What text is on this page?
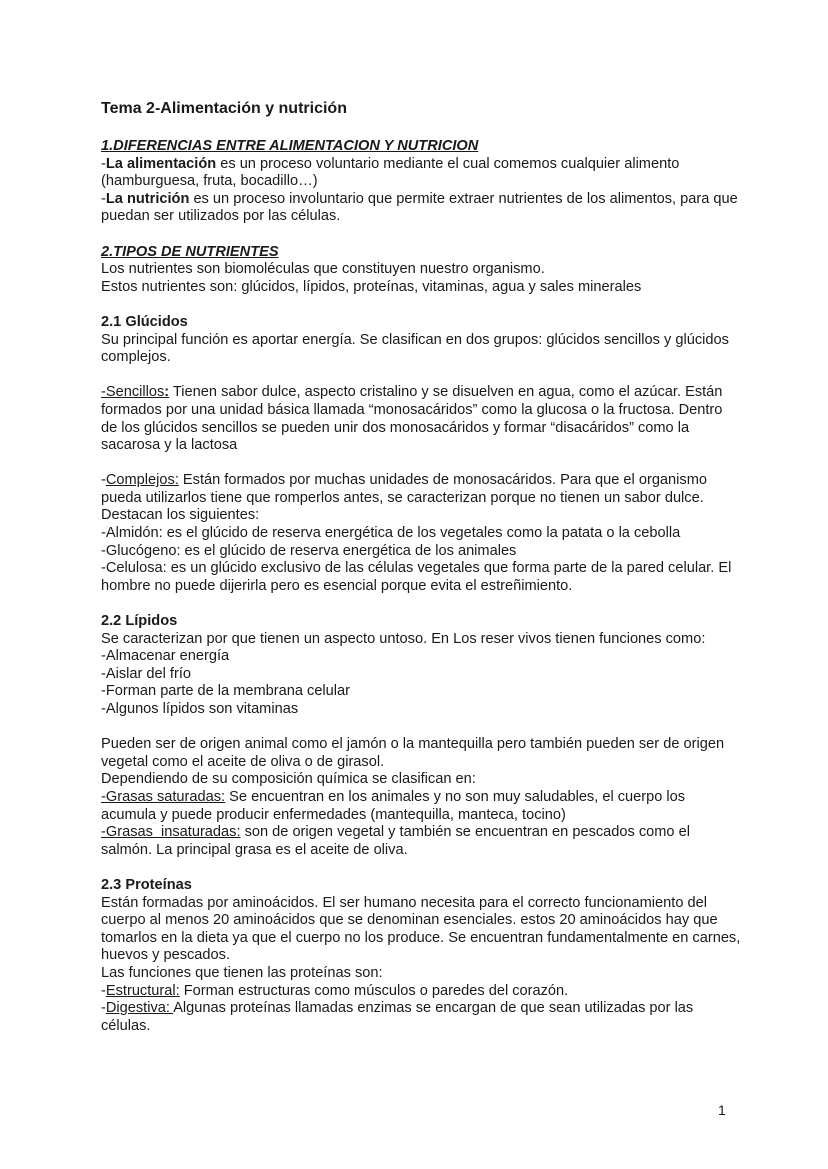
Tema 2-Alimentación y nutrición
1.DIFERENCIAS ENTRE ALIMENTACION Y NUTRICION

-La alimentación es un proceso voluntario mediante el cual comemos cualquier alimento (hamburguesa, fruta, bocadillo…)

-La nutrición es un proceso involuntario que permite extraer nutrientes de los alimentos, para que puedan ser utilizados por las células.

2.TIPOS DE NUTRIENTES

Los nutrientes son biomoléculas que constituyen nuestro organismo.

Estos nutrientes son: glúcidos, lípidos, proteínas, vitaminas, agua y sales minerales

2.1 Glúcidos

Su principal función es aportar energía. Se clasifican en dos grupos: glúcidos sencillos y glúcidos complejos.

-Sencillos: Tienen sabor dulce, aspecto cristalino y se disuelven en agua, como el azúcar. Están formados por una unidad básica llamada “monosacáridos” como la glucosa o la fructosa. Dentro de los glúcidos sencillos se pueden unir dos monosacáridos y formar “disacáridos” como la sacarosa y la lactosa

-Complejos: Están formados por muchas unidades de monosacáridos. Para que el organismo pueda utilizarlos tiene que romperlos antes, se caracterizan porque no tienen un sabor dulce. Destacan los siguientes:

-Almidón: es el glúcido de reserva energética de los vegetales como la patata o la cebolla

-Glucógeno: es el glúcido de reserva energética de los animales

-Celulosa: es un glúcido exclusivo de las células vegetales que forma parte de la pared celular. El hombre no puede dijerirla pero es esencial porque evita el estreñimiento.

2.2 Lípidos

Se caracterizan por que tienen un aspecto untoso. En Los reser vivos tienen funciones como:

-Almacenar energía

-Aislar del frío

-Forman parte de la membrana celular

-Algunos lípidos son vitaminas

Pueden ser de origen animal como el jamón o la mantequilla pero también pueden ser de origen vegetal como el aceite de oliva o de girasol.

Dependiendo de su composición química se clasifican en:

-Grasas saturadas: Se encuentran en los animales y no son muy saludables, el cuerpo los acumula y puede producir enfermedades (mantequilla, manteca, tocino)

-Grasas  insaturadas: son de origen vegetal y también se encuentran en pescados como el salmón. La principal grasa es el aceite de oliva.

2.3 Proteínas

Están formadas por aminoácidos. El ser humano necesita para el correcto funcionamiento del cuerpo al menos 20 aminoácidos que se denominan esenciales. estos 20 aminoácidos hay que tomarlos en la dieta ya que el cuerpo no los produce. Se encuentran fundamentalmente en carnes, huevos y pescados.

Las funciones que tienen las proteínas son:

-Estructural: Forman estructuras como músculos o paredes del corazón.

-Digestiva: Algunas proteínas llamadas enzimas se encargan de que sean utilizadas por las células.

1
